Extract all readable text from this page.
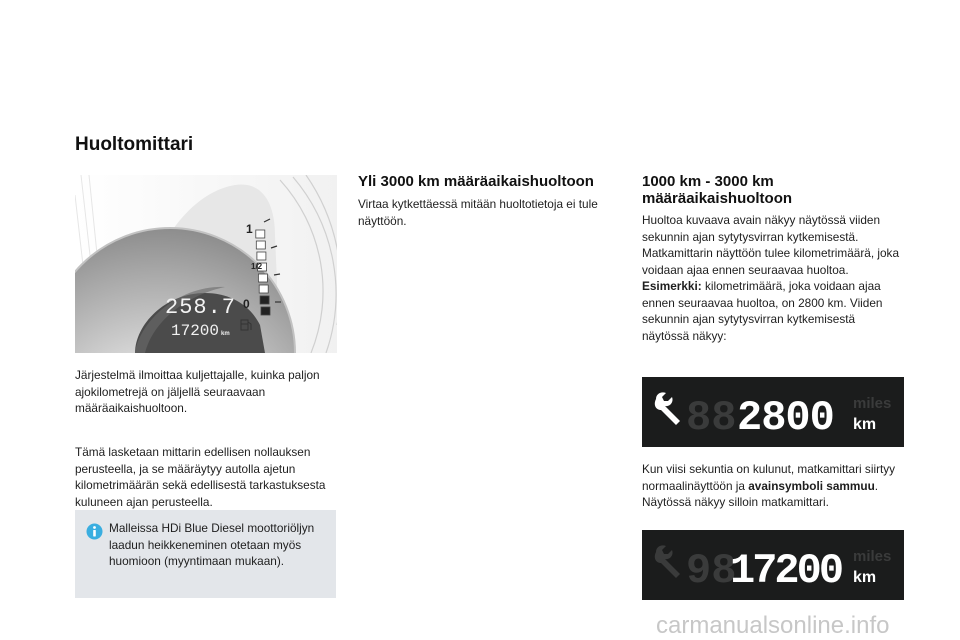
Huoltomittari
1
1/2
0
258.7
17200 km
Järjestelmä ilmoittaa kuljettajalle, kuinka paljon ajokilometrejä on jäljellä seuraavaan määräaikaishuoltoon.
Tämä lasketaan mittarin edellisen nollauksen perusteella, ja se määräytyy autolla ajetun kilometrimäärän sekä edellisestä tarkastuksesta kuluneen ajan perusteella.
Malleissa HDi Blue Diesel moottoriöljyn laadun heikkeneminen otetaan myös huomioon (myyntimaan mukaan).
Yli 3000 km määräaikaishuoltoon
Virtaa kytkettäessä mitään huoltotietoja ei tule näyttöön.
1000 km - 3000 km määräaikaishuoltoon
Huoltoa kuvaava avain näkyy näytössä viiden sekunnin ajan sytytysvirran kytkemisestä. Matkamittarin näyttöön tulee kilometrimäärä, joka voidaan ajaa ennen seuraavaa huoltoa.
Esimerkki: kilometrimäärä, joka voidaan ajaa ennen seuraavaa huoltoa, on 2800 km. Viiden sekunnin ajan sytytysvirran kytkemisestä näytössä näkyy:
88 2800 miles
km
Kun viisi sekuntia on kulunut, matkamittari siirtyy normaalinäyttöön ja avainsymboli sammuu. Näytössä näkyy silloin matkamittari.
98
17200 miles
km
carmanualsonline.info
